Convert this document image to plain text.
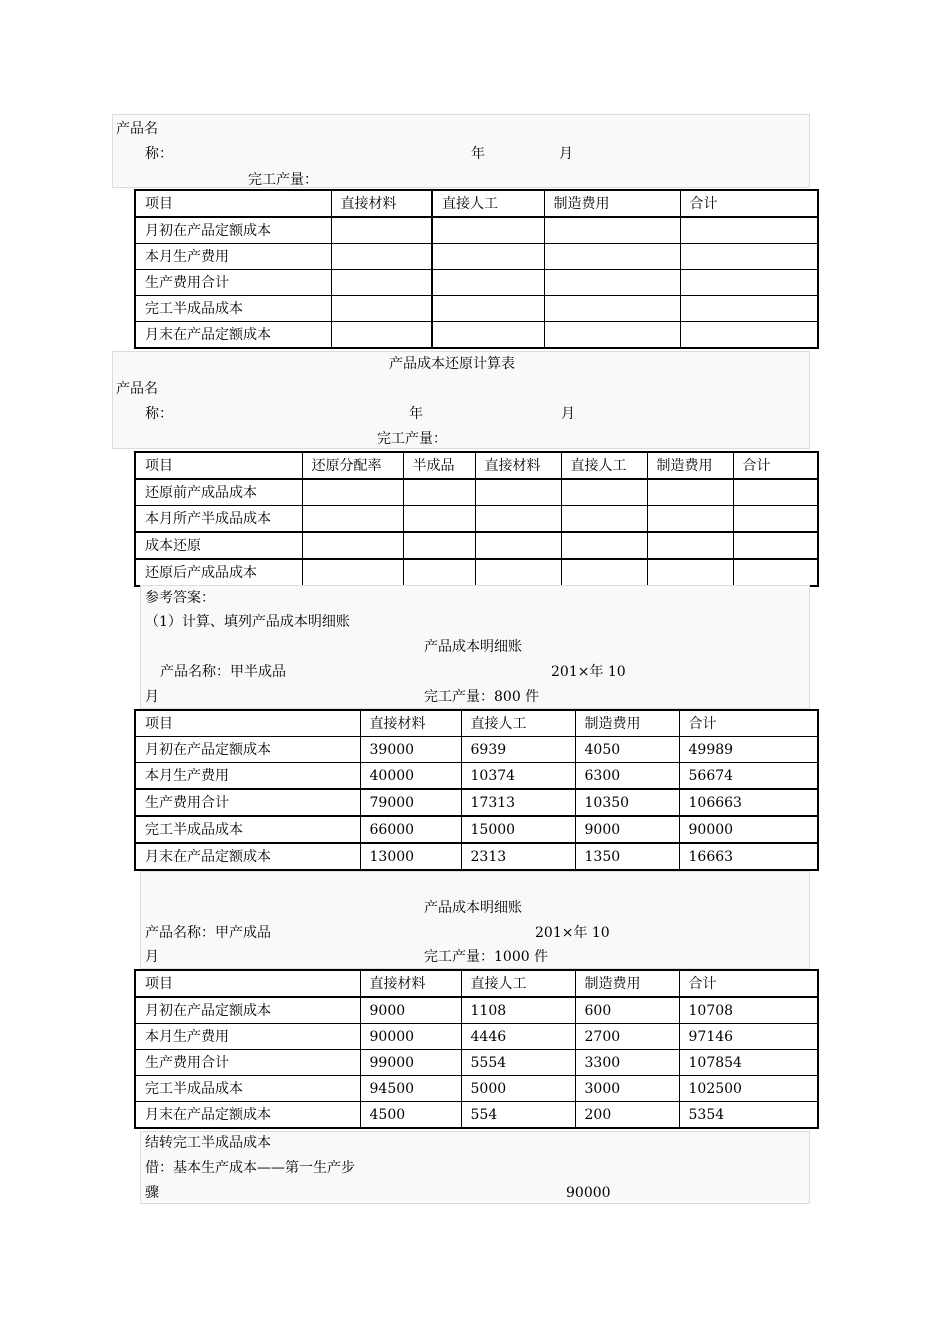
产品名
称：	年	月
完工产量：
项目	直接材料	直接人工	制造费用	合计
月初在产品定额成本				
本月生产费用				
生产费用合计				
完工半成品成本				
月末在产品定额成本				
产品成本还原计算表
产品名
称：	年	月
完工产量：
项目	还原分配率	半成品	直接材料	直接人工	制造费用	合计
还原前产成品成本						
本月所产半成品成本						
成本还原						
还原后产成品成本						
参考答案：
（1）计算、填列产品成本明细账
产品成本明细账
产品名称：甲半成品	201×年 10
月	完工产量：800 件
项目	直接材料	直接人工	制造费用	合计
月初在产品定额成本	39000	6939	4050	49989
本月生产费用	40000	10374	6300	56674
生产费用合计	79000	17313	10350	106663
完工半成品成本	66000	15000	9000	90000
月末在产品定额成本	13000	2313	1350	16663
产品成本明细账
产品名称：甲产成品	201×年 10
月	完工产量：1000 件
项目	直接材料	直接人工	制造费用	合计
月初在产品定额成本	9000	1108	600	10708
本月生产费用	90000	4446	2700	97146
生产费用合计	99000	5554	3300	107854
完工半成品成本	94500	5000	3000	102500
月末在产品定额成本	4500	554	200	5354
结转完工半成品成本
借：基本生产成本——第一生产步
骤	90000
